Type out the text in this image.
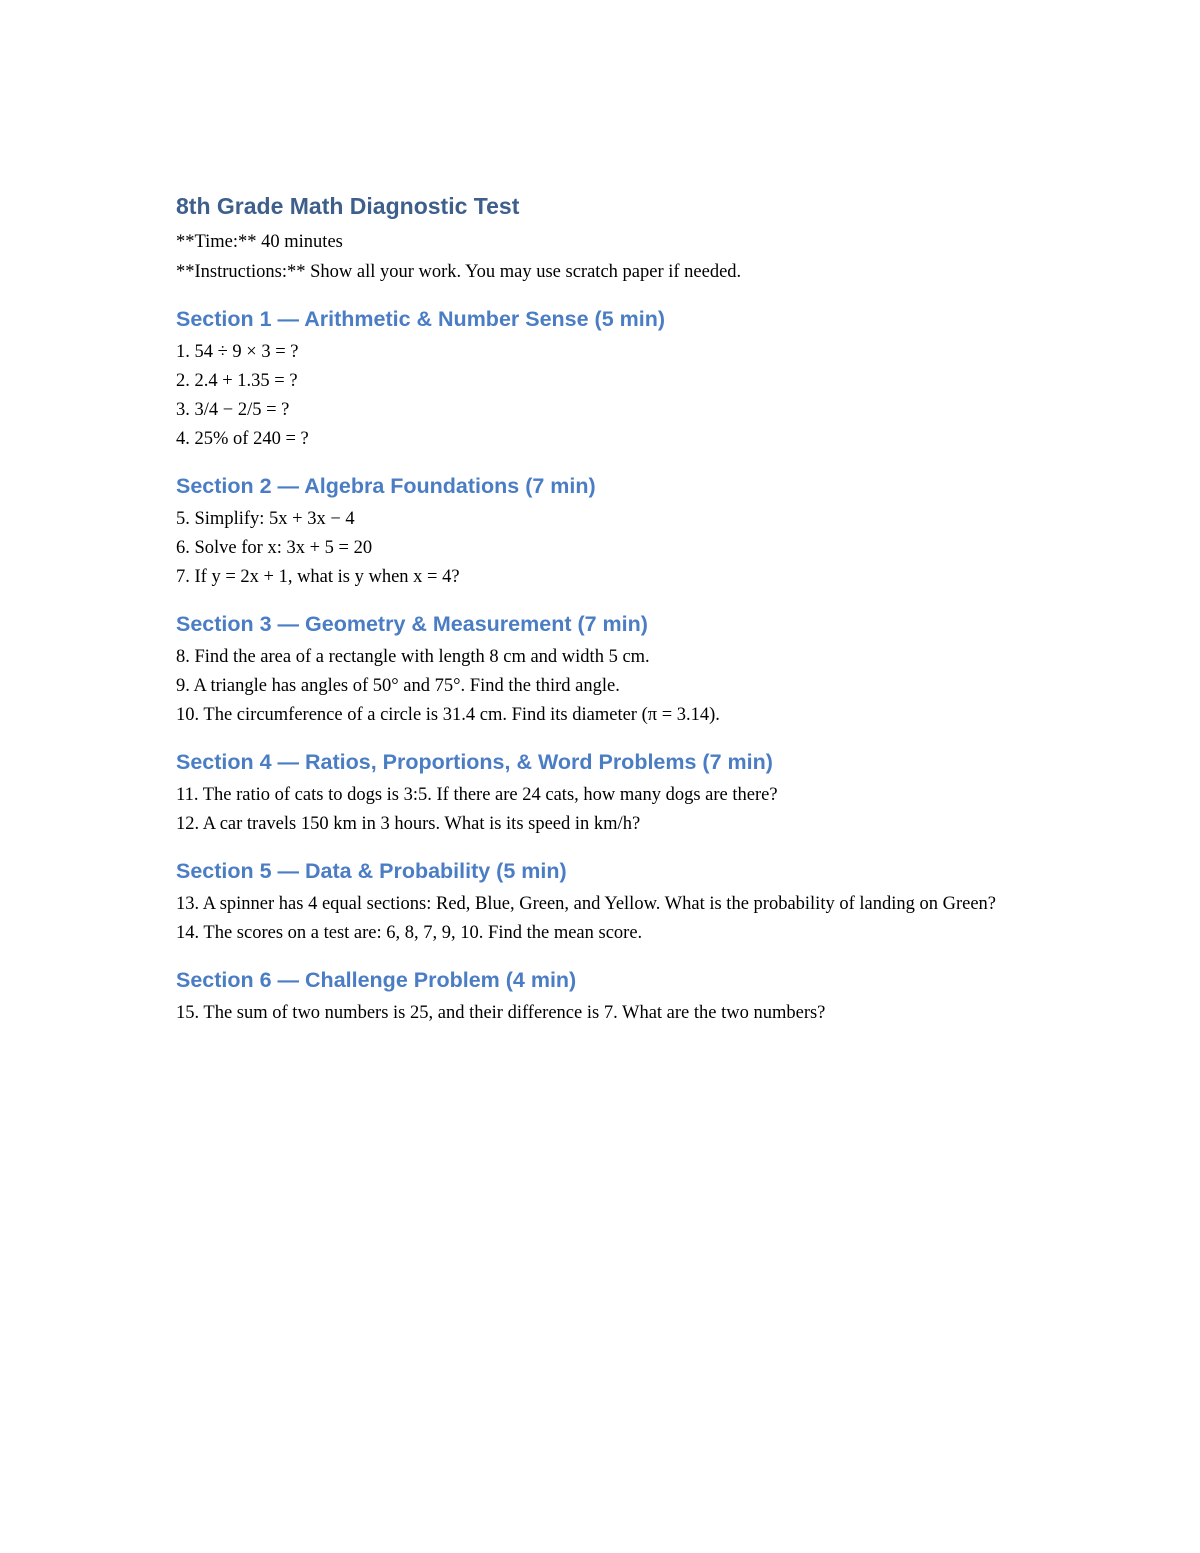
8th Grade Math Diagnostic Test

**Time:** 40 minutes

**Instructions:** Show all your work. You may use scratch paper if needed.

Section 1 — Arithmetic & Number Sense (5 min)

1. 54 ÷ 9 × 3 = ?

2. 2.4 + 1.35 = ?

3. 3/4 − 2/5 = ?

4. 25% of 240 = ?

Section 2 — Algebra Foundations (7 min)

5. Simplify: 5x + 3x − 4

6. Solve for x: 3x + 5 = 20

7. If y = 2x + 1, what is y when x = 4?

Section 3 — Geometry & Measurement (7 min)

8. Find the area of a rectangle with length 8 cm and width 5 cm.

9. A triangle has angles of 50° and 75°. Find the third angle.

10. The circumference of a circle is 31.4 cm. Find its diameter (π = 3.14).

Section 4 — Ratios, Proportions, & Word Problems (7 min)

11. The ratio of cats to dogs is 3:5. If there are 24 cats, how many dogs are there?

12. A car travels 150 km in 3 hours. What is its speed in km/h?

Section 5 — Data & Probability (5 min)

13. A spinner has 4 equal sections: Red, Blue, Green, and Yellow. What is the probability of landing on Green?

14. The scores on a test are: 6, 8, 7, 9, 10. Find the mean score.

Section 6 — Challenge Problem (4 min)

15. The sum of two numbers is 25, and their difference is 7. What are the two numbers?
